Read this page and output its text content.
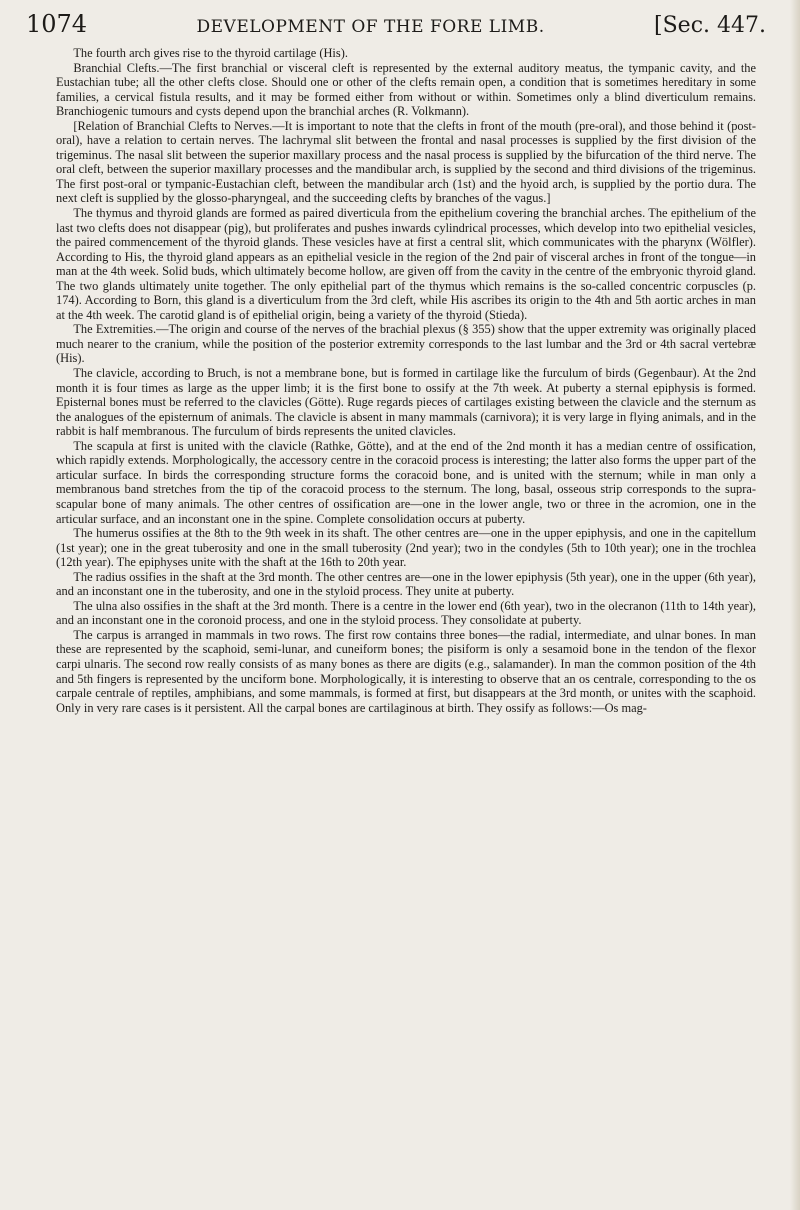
1074	DEVELOPMENT OF THE FORE LIMB.	[Sec. 447.

The fourth arch gives rise to the thyroid cartilage (His).

Branchial Clefts.—The first branchial or visceral cleft is represented by the external auditory meatus, the tympanic cavity, and the Eustachian tube; all the other clefts close. Should one or other of the clefts remain open, a condition that is sometimes hereditary in some families, a cervical fistula results, and it may be formed either from without or within. Sometimes only a blind diverticulum remains. Branchiogenic tumours and cysts depend upon the branchial arches (R. Volkmann).

[Relation of Branchial Clefts to Nerves.—It is important to note that the clefts in front of the mouth (pre-oral), and those behind it (post-oral), have a relation to certain nerves. The lachrymal slit between the frontal and nasal processes is supplied by the first division of the trigeminus. The nasal slit between the superior maxillary process and the nasal process is supplied by the bifurcation of the third nerve. The oral cleft, between the superior maxillary processes and the mandibular arch, is supplied by the second and third divisions of the trigeminus. The first post-oral or tympanic-Eustachian cleft, between the mandibular arch (1st) and the hyoid arch, is supplied by the portio dura. The next cleft is supplied by the glosso-pharyngeal, and the succeeding clefts by branches of the vagus.]

The thymus and thyroid glands are formed as paired diverticula from the epithelium covering the branchial arches. The epithelium of the last two clefts does not disappear (pig), but proliferates and pushes inwards cylindrical processes, which develop into two epithelial vesicles, the paired commencement of the thyroid glands. These vesicles have at first a central slit, which communicates with the pharynx (Wölfler). According to His, the thyroid gland appears as an epithelial vesicle in the region of the 2nd pair of visceral arches in front of the tongue—in man at the 4th week. Solid buds, which ultimately become hollow, are given off from the cavity in the centre of the embryonic thyroid gland. The two glands ultimately unite together. The only epithelial part of the thymus which remains is the so-called concentric corpuscles (p. 174). According to Born, this gland is a diverticulum from the 3rd cleft, while His ascribes its origin to the 4th and 5th aortic arches in man at the 4th week. The carotid gland is of epithelial origin, being a variety of the thyroid (Stieda).

The Extremities.—The origin and course of the nerves of the brachial plexus (§ 355) show that the upper extremity was originally placed much nearer to the cranium, while the position of the posterior extremity corresponds to the last lumbar and the 3rd or 4th sacral vertebræ (His).

The clavicle, according to Bruch, is not a membrane bone, but is formed in cartilage like the furculum of birds (Gegenbaur). At the 2nd month it is four times as large as the upper limb; it is the first bone to ossify at the 7th week. At puberty a sternal epiphysis is formed. Episternal bones must be referred to the clavicles (Götte). Ruge regards pieces of cartilages existing between the clavicle and the sternum as the analogues of the episternum of animals. The clavicle is absent in many mammals (carnivora); it is very large in flying animals, and in the rabbit is half membranous. The furculum of birds represents the united clavicles.

The scapula at first is united with the clavicle (Rathke, Götte), and at the end of the 2nd month it has a median centre of ossification, which rapidly extends. Morphologically, the accessory centre in the coracoid process is interesting; the latter also forms the upper part of the articular surface. In birds the corresponding structure forms the coracoid bone, and is united with the sternum; while in man only a membranous band stretches from the tip of the coracoid process to the sternum. The long, basal, osseous strip corresponds to the supra-scapular bone of many animals. The other centres of ossification are—one in the lower angle, two or three in the acromion, one in the articular surface, and an inconstant one in the spine. Complete consolidation occurs at puberty.

The humerus ossifies at the 8th to the 9th week in its shaft. The other centres are—one in the upper epiphysis, and one in the capitellum (1st year); one in the great tuberosity and one in the small tuberosity (2nd year); two in the condyles (5th to 10th year); one in the trochlea (12th year). The epiphyses unite with the shaft at the 16th to 20th year.

The radius ossifies in the shaft at the 3rd month. The other centres are—one in the lower epiphysis (5th year), one in the upper (6th year), and an inconstant one in the tuberosity, and one in the styloid process. They unite at puberty.

The ulna also ossifies in the shaft at the 3rd month. There is a centre in the lower end (6th year), two in the olecranon (11th to 14th year), and an inconstant one in the coronoid process, and one in the styloid process. They consolidate at puberty.

The carpus is arranged in mammals in two rows. The first row contains three bones—the radial, intermediate, and ulnar bones. In man these are represented by the scaphoid, semi-lunar, and cuneiform bones; the pisiform is only a sesamoid bone in the tendon of the flexor carpi ulnaris. The second row really consists of as many bones as there are digits (e.g., salamander). In man the common position of the 4th and 5th fingers is represented by the unciform bone. Morphologically, it is interesting to observe that an os centrale, corresponding to the os carpale centrale of reptiles, amphibians, and some mammals, is formed at first, but disappears at the 3rd month, or unites with the scaphoid. Only in very rare cases is it persistent. All the carpal bones are cartilaginous at birth. They ossify as follows:—Os mag-
